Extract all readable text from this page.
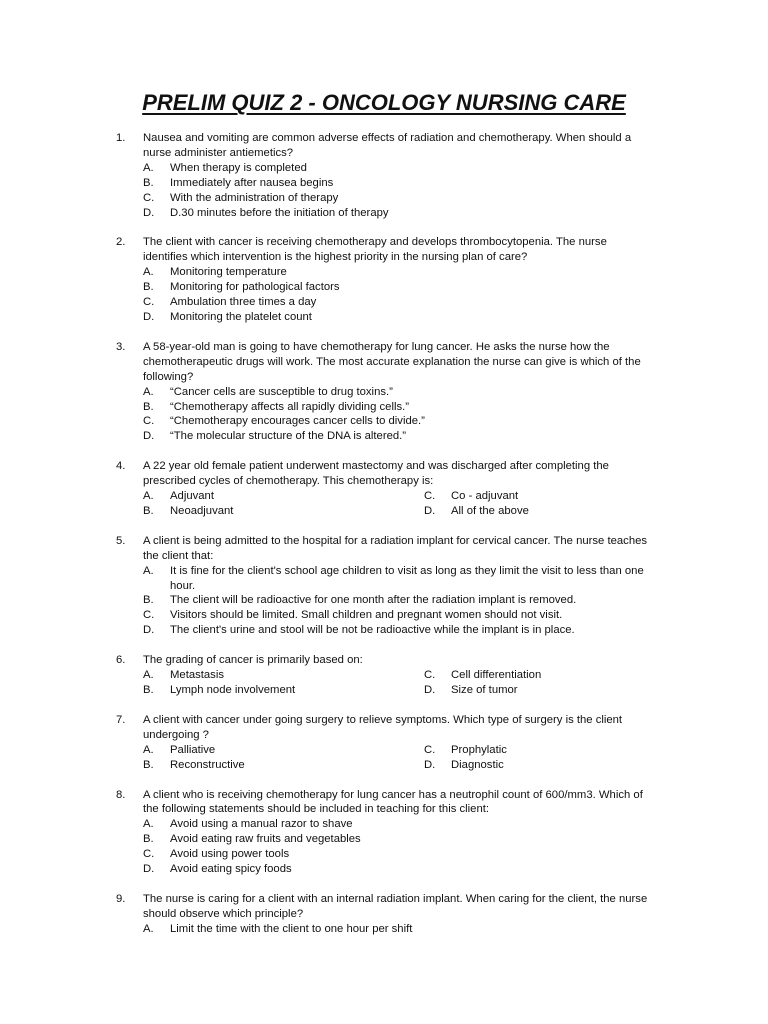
PRELIM QUIZ 2 - ONCOLOGY NURSING CARE
1. Nausea and vomiting are common adverse effects of radiation and chemotherapy. When should a nurse administer antiemetics?
A.	When therapy is completed
B.	Immediately after nausea begins
C.	With the administration of therapy
D.	D.30 minutes before the initiation of therapy
2. The client with cancer is receiving chemotherapy and develops thrombocytopenia. The nurse identifies which intervention is the highest priority in the nursing plan of care?
A.	Monitoring temperature
B.	Monitoring for pathological factors
C.	Ambulation three times a day
D.	Monitoring the platelet count
3. A 58-year-old man is going to have chemotherapy for lung cancer. He asks the nurse how the chemotherapeutic drugs will work. The most accurate explanation the nurse can give is which of the following?
A.	“Cancer cells are susceptible to drug toxins.”
B.	“Chemotherapy affects all rapidly dividing cells.”
C.	“Chemotherapy encourages cancer cells to divide.”
D.	“The molecular structure of the DNA is altered.”
4. A 22 year old female patient underwent mastectomy and was discharged after completing the prescribed cycles of chemotherapy. This chemotherapy is:
A.	Adjuvant	C.	Co - adjuvant
B.	Neoadjuvant	D.	All of the above
5. A client is being admitted to the hospital for a radiation implant for cervical cancer. The nurse teaches the client that:
A.	It is fine for the client's school age children to visit as long as they limit the visit to less than one hour.
B.	The client will be radioactive for one month after the radiation implant is removed.
C.	Visitors should be limited. Small children and pregnant women should not visit.
D.	The client's urine and stool will be not be radioactive while the implant is in place.
6. The grading of cancer is primarily based on:
A.	Metastasis	C.	Cell differentiation
B.	Lymph node involvement	D.	Size of tumor
7. A client with cancer under going surgery to relieve symptoms. Which type of surgery is the client undergoing ?
A.	Palliative	C.	Prophylatic
B.	Reconstructive	D.	Diagnostic
8. A client who is receiving chemotherapy for lung cancer has a neutrophil count of 600/mm3. Which of the following statements should be included in teaching for this client:
A.	Avoid using a manual razor to shave
B.	Avoid eating raw fruits and vegetables
C.	Avoid using power tools
D.	Avoid eating spicy foods
9. The nurse is caring for a client with an internal radiation implant. When caring for the client, the nurse should observe which principle?
A.	Limit the time with the client to one hour per shift
